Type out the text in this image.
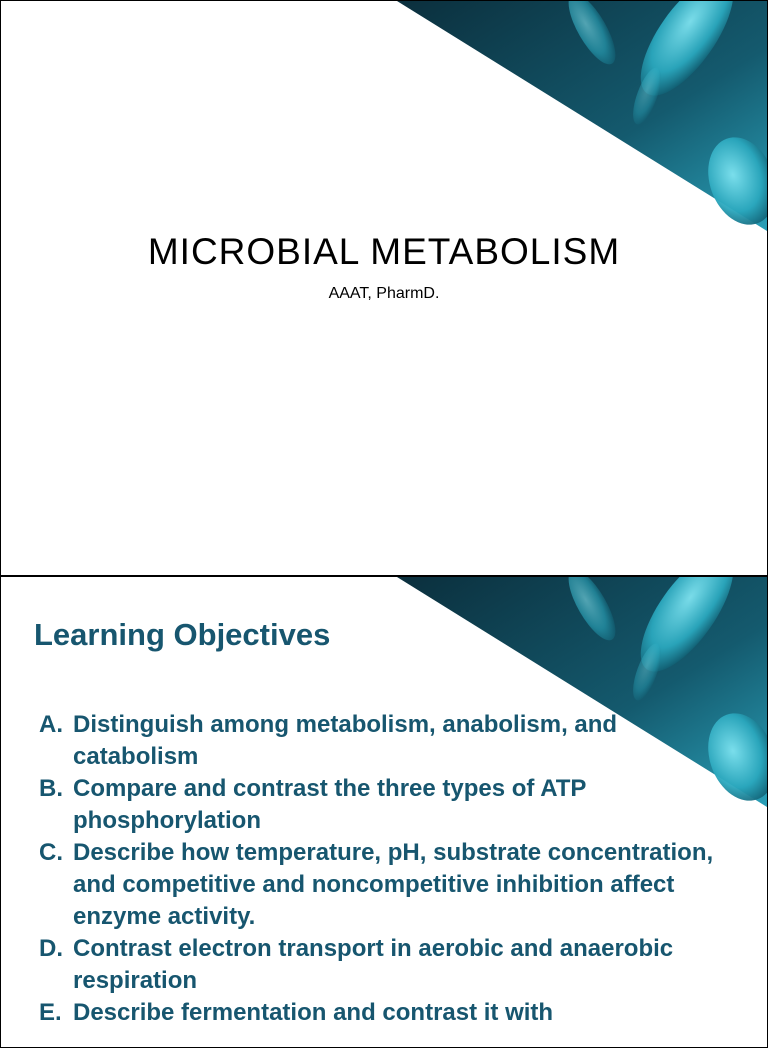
MICROBIAL METABOLISM
AAAT, PharmD.
Learning Objectives
A. Distinguish among metabolism, anabolism, and catabolism
B. Compare and contrast the three types of ATP phosphorylation
C. Describe how temperature, pH, substrate concentration, and competitive and noncompetitive inhibition affect enzyme activity.
D. Contrast electron transport in aerobic and anaerobic respiration
E. Describe fermentation and contrast it with
